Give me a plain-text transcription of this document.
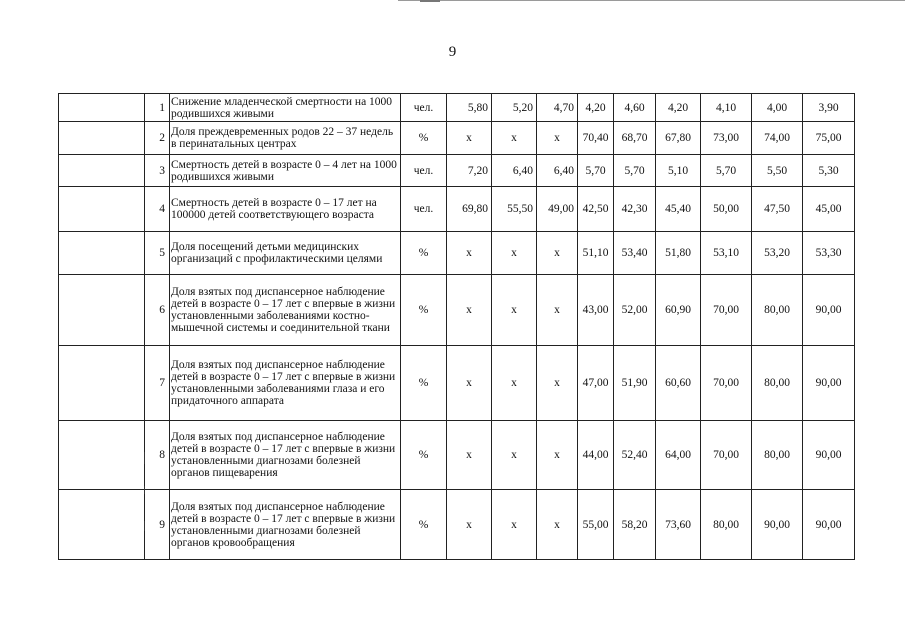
9
	1	Снижение младенческой смертности на 1000 родившихся живыми	чел.	5,80	5,20	4,70	4,20	4,60	4,20	4,10	4,00	3,90
	2	Доля преждевременных родов 22 – 37 недель в перинатальных центрах	%	х	х	х	70,40	68,70	67,80	73,00	74,00	75,00
	3	Смертность детей в возрасте 0 – 4 лет на 1000 родившихся живыми	чел.	7,20	6,40	6,40	5,70	5,70	5,10	5,70	5,50	5,30
	4	Смертность детей в возрасте 0 – 17 лет на 100000 детей соответствующего возраста	чел.	69,80	55,50	49,00	42,50	42,30	45,40	50,00	47,50	45,00
	5	Доля посещений детьми медицинских организаций с профилактическими целями	%	х	х	х	51,10	53,40	51,80	53,10	53,20	53,30
	6	Доля взятых под диспансерное наблюдение детей в возрасте 0 – 17 лет с впервые в жизни установленными заболеваниями костно-мышечной системы и соединительной ткани	%	х	х	х	43,00	52,00	60,90	70,00	80,00	90,00
	7	Доля взятых под диспансерное наблюдение детей в возрасте 0 – 17 лет с впервые в жизни установленными заболеваниями глаза и его придаточного аппарата	%	х	х	х	47,00	51,90	60,60	70,00	80,00	90,00
	8	Доля взятых под диспансерное наблюдение детей в возрасте 0 – 17 лет с впервые в жизни установленными диагнозами болезней органов пищеварения	%	х	х	х	44,00	52,40	64,00	70,00	80,00	90,00
	9	Доля взятых под диспансерное наблюдение детей в возрасте 0 – 17 лет с впервые в жизни установленными диагнозами болезней органов кровообращения	%	х	х	х	55,00	58,20	73,60	80,00	90,00	90,00
